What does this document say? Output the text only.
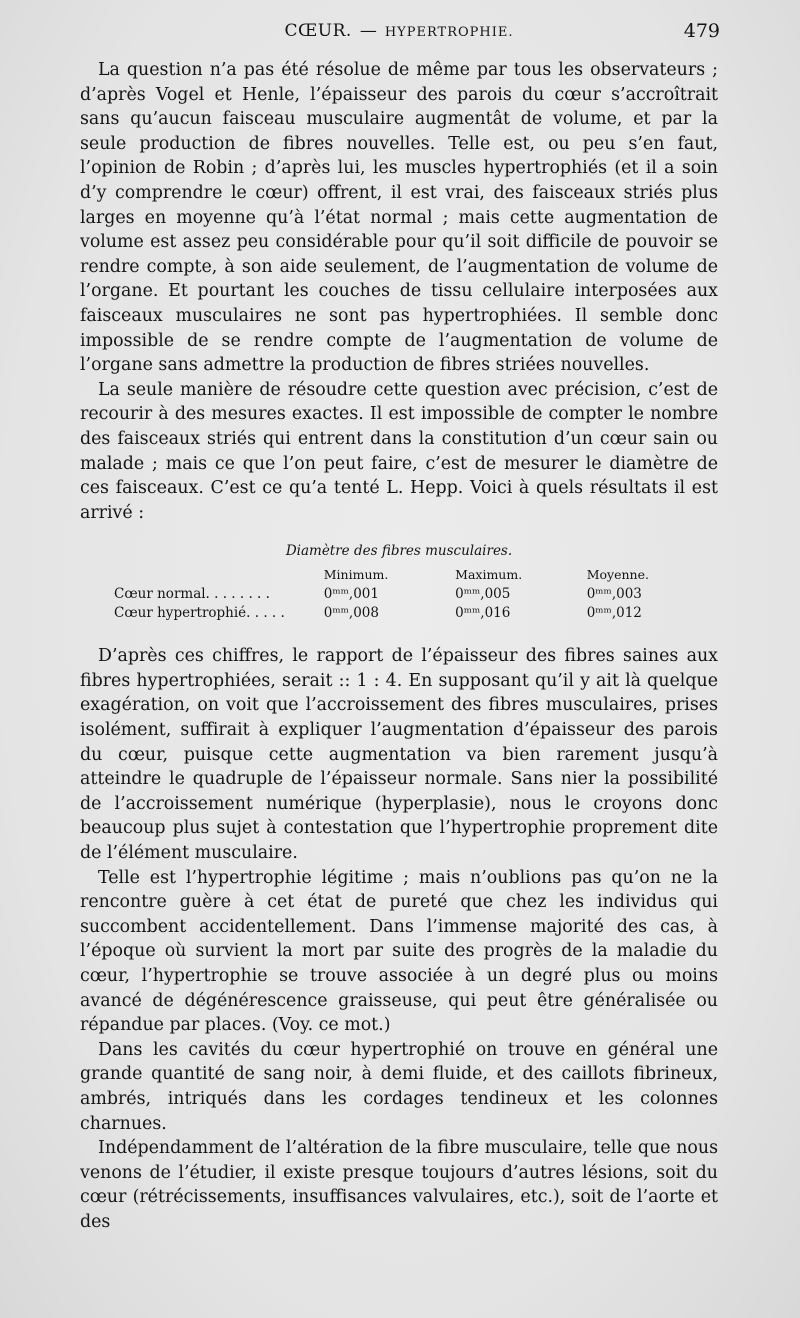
CŒUR. — HYPERTROPHIE.	479

La question n’a pas été résolue de même par tous les observateurs ; d’après Vogel et Henle, l’épaisseur des parois du cœur s’accroîtrait sans qu’aucun faisceau musculaire augmentât de volume, et par la seule production de fibres nouvelles. Telle est, ou peu s’en faut, l’opinion de Robin ; d’après lui, les muscles hypertrophiés (et il a soin d’y comprendre le cœur) offrent, il est vrai, des faisceaux striés plus larges en moyenne qu’à l’état normal ; mais cette augmentation de volume est assez peu considérable pour qu’il soit difficile de pouvoir se rendre compte, à son aide seulement, de l’augmentation de volume de l’organe. Et pourtant les couches de tissu cellulaire interposées aux faisceaux musculaires ne sont pas hypertrophiées. Il semble donc impossible de se rendre compte de l’augmentation de volume de l’organe sans admettre la production de fibres striées nouvelles.

La seule manière de résoudre cette question avec précision, c’est de recourir à des mesures exactes. Il est impossible de compter le nombre des faisceaux striés qui entrent dans la constitution d’un cœur sain ou malade ; mais ce que l’on peut faire, c’est de mesurer le diamètre de ces faisceaux. C’est ce qu’a tenté L. Hepp. Voici à quels résultats il est arrivé :

Diamètre des fibres musculaires.
	Minimum.	Maximum.	Moyenne.
Cœur normal. . . . . . . .	0ᵐᵐ,001	0ᵐᵐ,005	0ᵐᵐ,003
Cœur hypertrophié. . . . .	0ᵐᵐ,008	0ᵐᵐ,016	0ᵐᵐ,012

D’après ces chiffres, le rapport de l’épaisseur des fibres saines aux fibres hypertrophiées, serait :: 1 : 4. En supposant qu’il y ait là quelque exagération, on voit que l’accroissement des fibres musculaires, prises isolément, suffirait à expliquer l’augmentation d’épaisseur des parois du cœur, puisque cette augmentation va bien rarement jusqu’à atteindre le quadruple de l’épaisseur normale. Sans nier la possibilité de l’accroissement numérique (hyperplasie), nous le croyons donc beaucoup plus sujet à contestation que l’hypertrophie proprement dite de l’élément musculaire.

Telle est l’hypertrophie légitime ; mais n’oublions pas qu’on ne la rencontre guère à cet état de pureté que chez les individus qui succombent accidentellement. Dans l’immense majorité des cas, à l’époque où survient la mort par suite des progrès de la maladie du cœur, l’hypertrophie se trouve associée à un degré plus ou moins avancé de dégénérescence graisseuse, qui peut être généralisée ou répandue par places. (Voy. ce mot.)

Dans les cavités du cœur hypertrophié on trouve en général une grande quantité de sang noir, à demi fluide, et des caillots fibrineux, ambrés, intriqués dans les cordages tendineux et les colonnes charnues.

Indépendamment de l’altération de la fibre musculaire, telle que nous venons de l’étudier, il existe presque toujours d’autres lésions, soit du cœur (rétrécissements, insuffisances valvulaires, etc.), soit de l’aorte et des
